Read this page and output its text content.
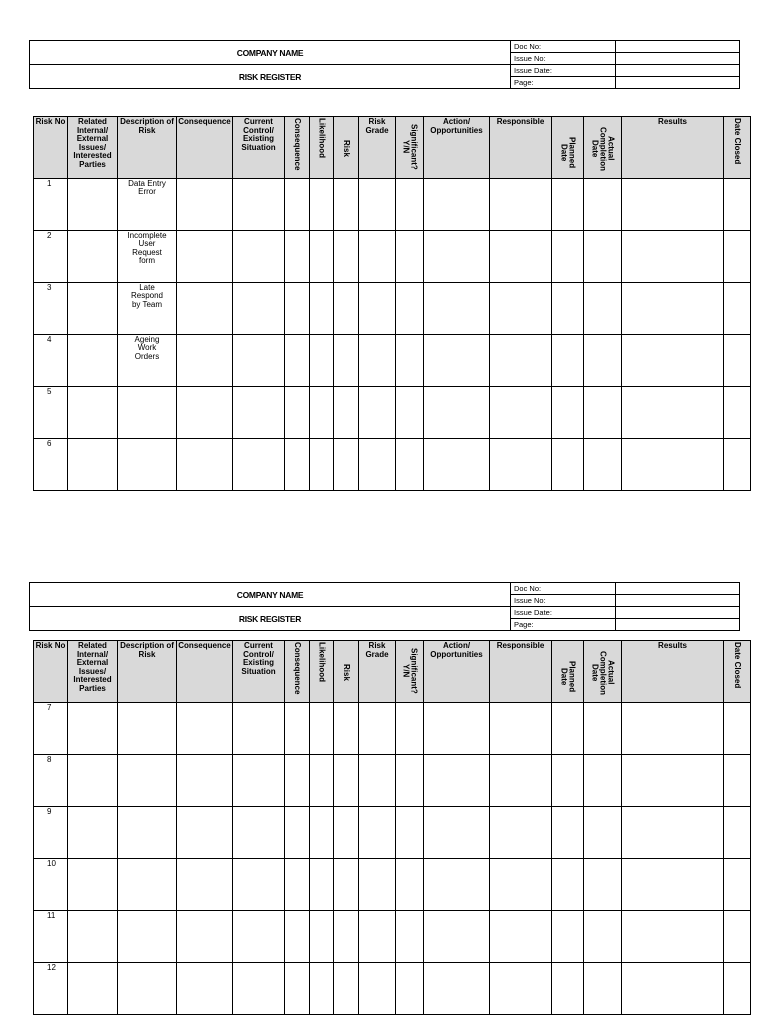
COMPANY NAME	Doc No:	
	Issue No:	
RISK REGISTER	Issue Date:	
	Page:	
Risk No	Related Internal/ External Issues/ Interested Parties	Description of Risk	Consequence	Current Control/ Existing Situation	Consequence	Likelihood	Risk	Risk Grade	Significant? Y/N	Action/ Opportunities	Responsible	Planned Date	Actual Completion Date	Results	Date Closed
1		Data Entry Error													
2		Incomplete User Request form													
3		Late Respond by Team													
4		Ageing Work Orders													
5															
6															
COMPANY NAME	Doc No:	
	Issue No:	
RISK REGISTER	Issue Date:	
	Page:	
Risk No	Related Internal/ External Issues/ Interested Parties	Description of Risk	Consequence	Current Control/ Existing Situation	Consequence	Likelihood	Risk	Risk Grade	Significant? Y/N	Action/ Opportunities	Responsible	Planned Date	Actual Completion Date	Results	Date Closed
7															
8															
9															
10															
11															
12															
